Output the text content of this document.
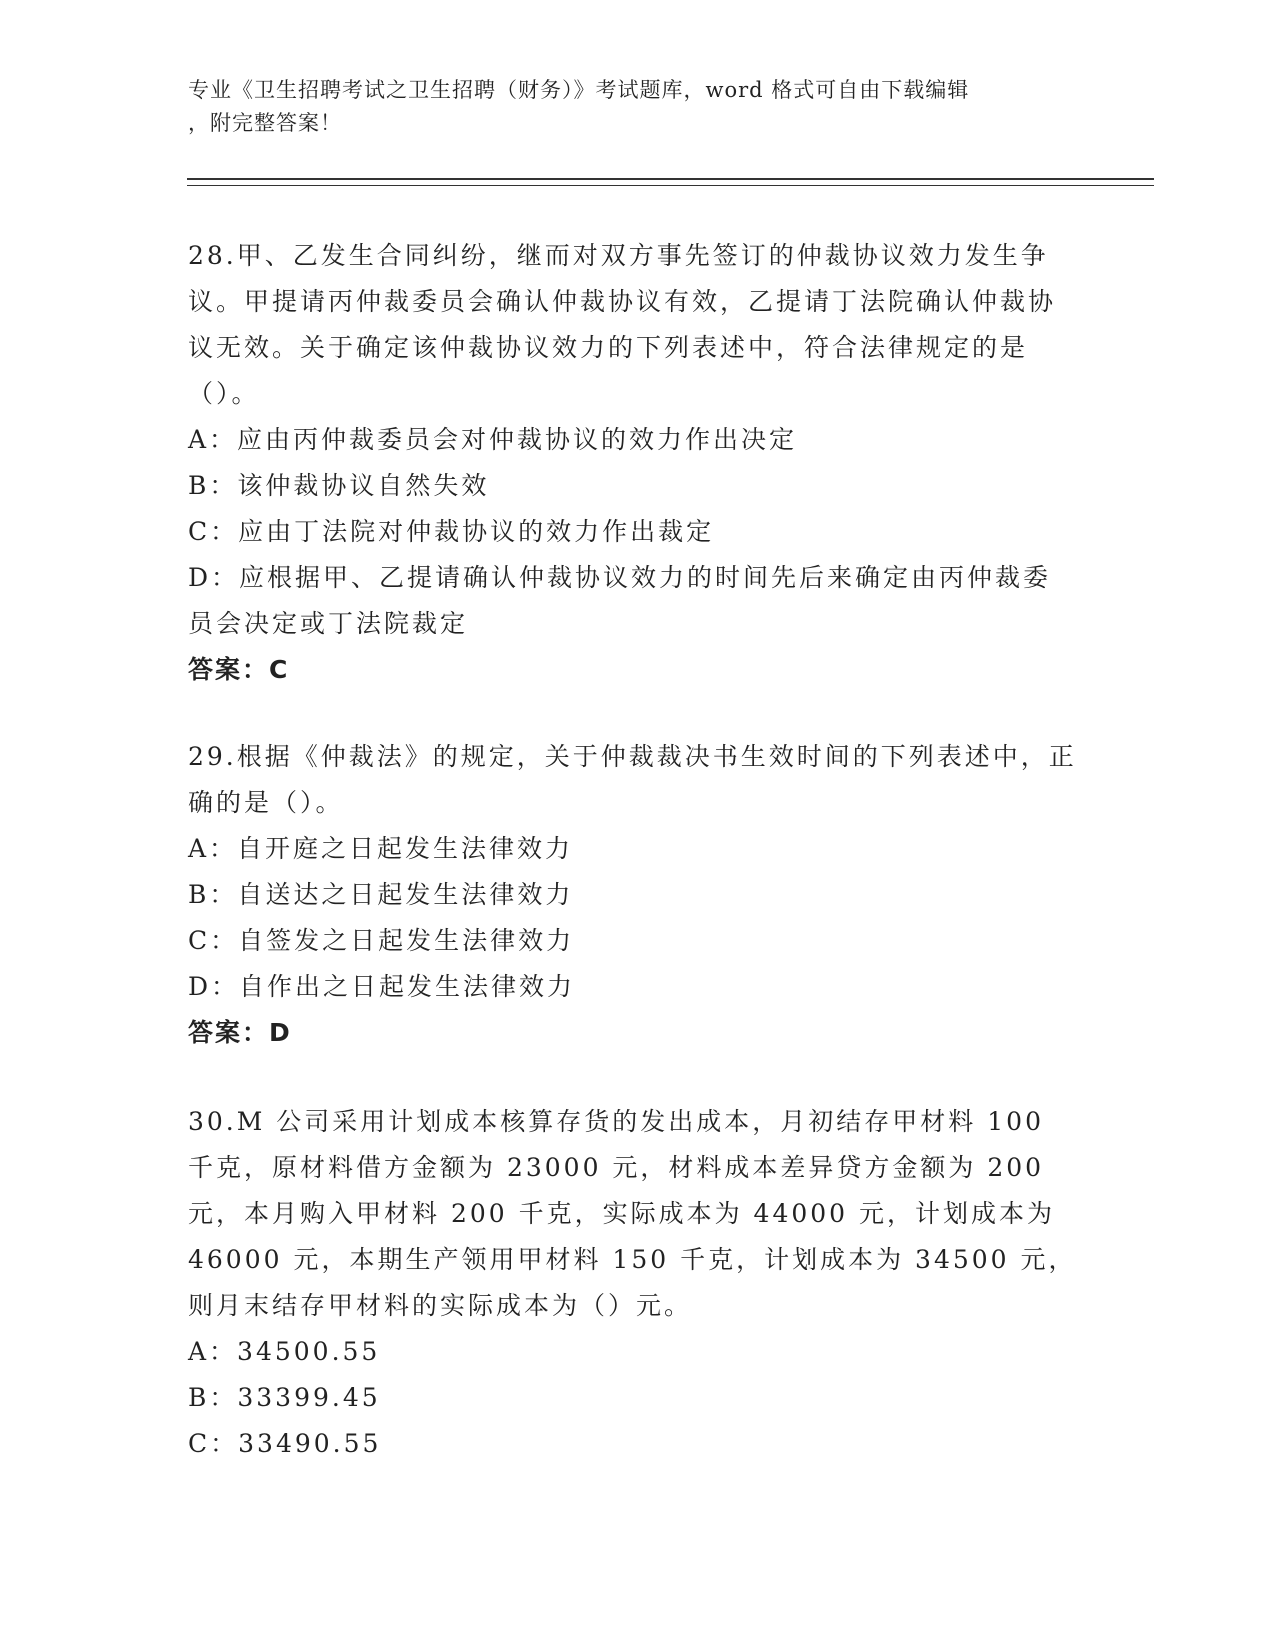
专业《卫生招聘考试之卫生招聘（财务）》考试题库，word 格式可自由下载编辑
，附完整答案！
28.甲、乙发生合同纠纷，继而对双方事先签订的仲裁协议效力发生争议。甲提请丙仲裁委员会确认仲裁协议有效，乙提请丁法院确认仲裁协议无效。关于确定该仲裁协议效力的下列表述中，符合法律规定的是（）。
A：应由丙仲裁委员会对仲裁协议的效力作出决定
B：该仲裁协议自然失效
C：应由丁法院对仲裁协议的效力作出裁定
D：应根据甲、乙提请确认仲裁协议效力的时间先后来确定由丙仲裁委员会决定或丁法院裁定
答案：C
29.根据《仲裁法》的规定，关于仲裁裁决书生效时间的下列表述中，正确的是（）。
A：自开庭之日起发生法律效力
B：自送达之日起发生法律效力
C：自签发之日起发生法律效力
D：自作出之日起发生法律效力
答案：D
30.M 公司采用计划成本核算存货的发出成本，月初结存甲材料 100 千克，原材料借方金额为 23000 元，材料成本差异贷方金额为 200 元，本月购入甲材料 200 千克，实际成本为 44000 元，计划成本为 46000 元，本期生产领用甲材料 150 千克，计划成本为 34500 元，则月末结存甲材料的实际成本为（）元。
A：34500.55
B：33399.45
C：33490.55
